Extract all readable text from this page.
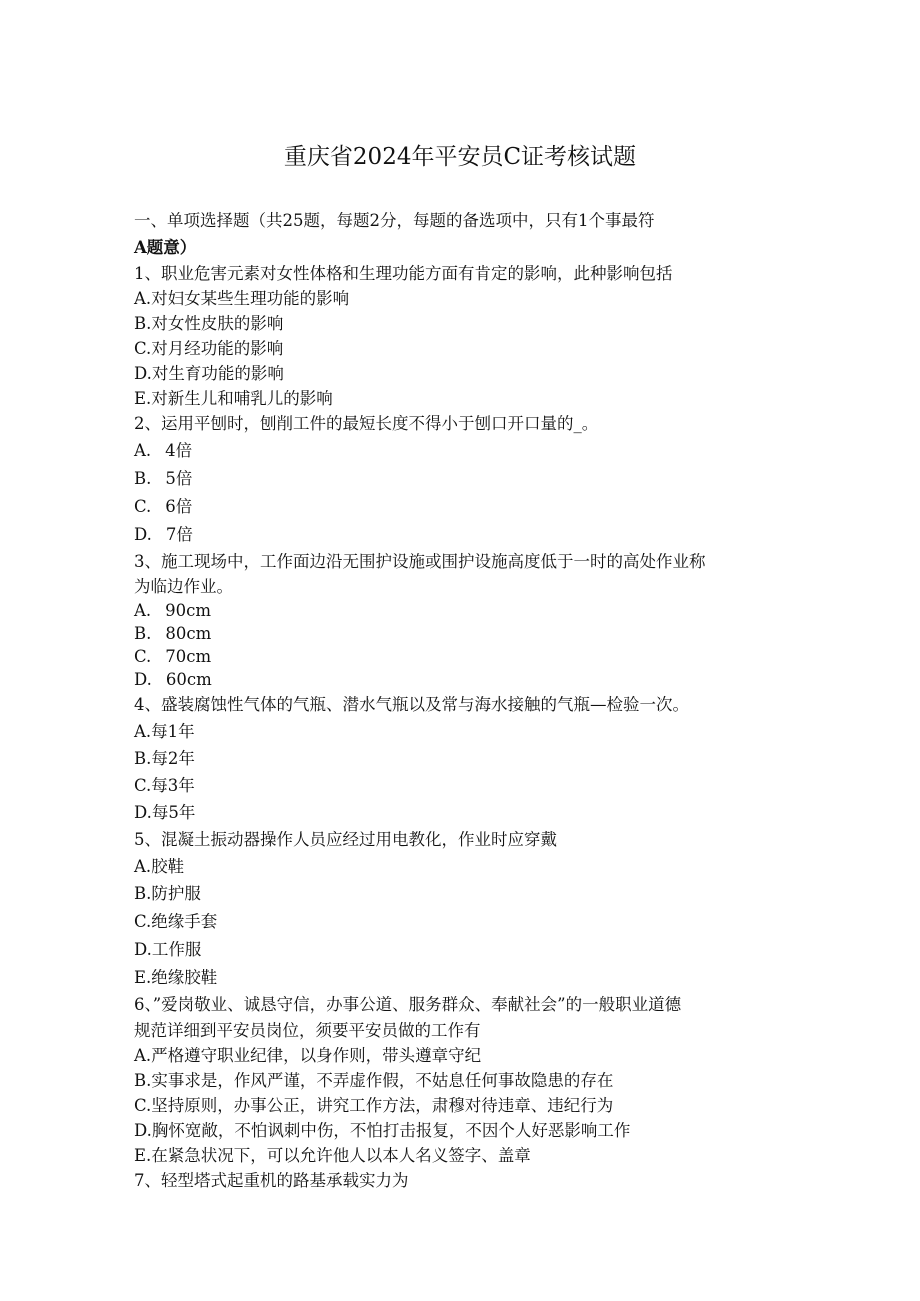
重庆省2024年平安员C证考核试题
一、单项选择题（共25题，每题2分，每题的备选项中，只有1个事最符
A题意）
1、职业危害元素对女性体格和生理功能方面有肯定的影响，此种影响包括
A.对妇女某些生理功能的影响
B.对女性皮肤的影响
C.对月经功能的影响
D.对生育功能的影响
E.对新生儿和哺乳儿的影响
2、运用平刨时，刨削工件的最短长度不得小于刨口开口量的_。
A. 4倍
B. 5倍
C. 6倍
D. 7倍
3、施工现场中，工作面边沿无围护设施或围护设施高度低于一时的高处作业称
为临边作业。
A. 90cm
B. 80cm
C. 70cm
D. 60cm
4、盛装腐蚀性气体的气瓶、潜水气瓶以及常与海水接触的气瓶—检验一次。
A.每1年
B.每2年
C.每3年
D.每5年
5、混凝土振动器操作人员应经过用电教化，作业时应穿戴
A.胶鞋
B.防护服
C.绝缘手套
D.工作服
E.绝缘胶鞋
6、”爱岗敬业、诚恳守信，办事公道、服务群众、奉献社会”的一般职业道德
规范详细到平安员岗位，须要平安员做的工作有
A.严格遵守职业纪律，以身作则，带头遵章守纪
B.实事求是，作风严谨，不弄虚作假，不姑息任何事故隐患的存在
C.坚持原则，办事公正，讲究工作方法，肃穆对待违章、违纪行为
D.胸怀宽敞，不怕讽刺中伤，不怕打击报复，不因个人好恶影响工作
E.在紧急状况下，可以允许他人以本人名义签字、盖章
7、轻型塔式起重机的路基承载实力为
